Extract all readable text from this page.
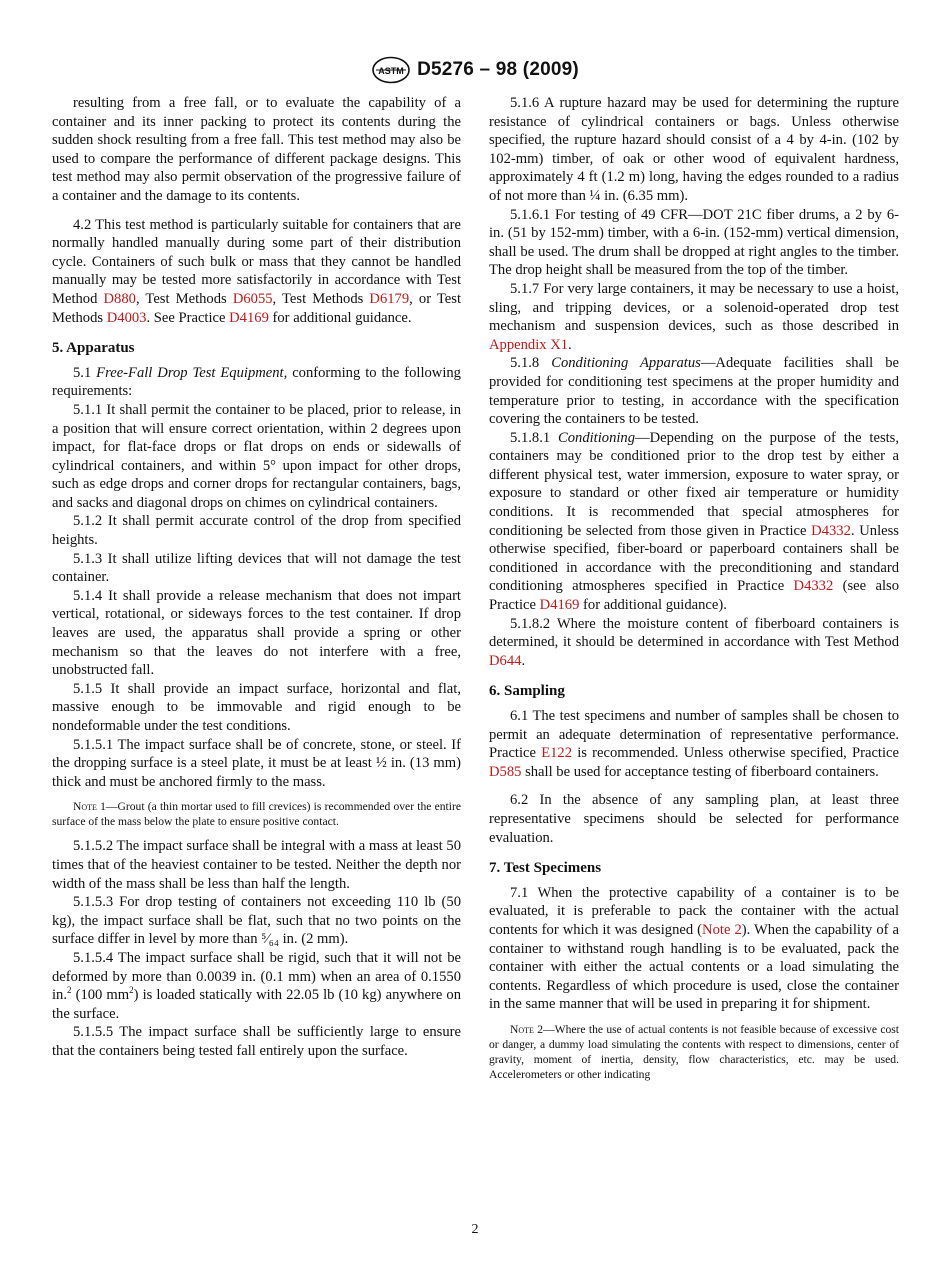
ASTM D5276 – 98 (2009)

resulting from a free fall, or to evaluate the capability of a container and its inner packing to protect its contents during the sudden shock resulting from a free fall. This test method may also be used to compare the performance of different package designs. This test method may also permit observation of the progressive failure of a container and the damage to its contents.

4.2 This test method is particularly suitable for containers that are normally handled manually during some part of their distribution cycle. Containers of such bulk or mass that they cannot be handled manually may be tested more satisfactorily in accordance with Test Method D880, Test Methods D6055, Test Methods D6179, or Test Methods D4003. See Practice D4169 for additional guidance.

5. Apparatus

5.1 Free-Fall Drop Test Equipment, conforming to the following requirements:

5.1.1 It shall permit the container to be placed, prior to release, in a position that will ensure correct orientation, within 2 degrees upon impact, for flat-face drops or flat drops on ends or sidewalls of cylindrical containers, and within 5° upon impact for other drops, such as edge drops and corner drops for rectangular containers, bags, and sacks and diagonal drops on chimes on cylindrical containers.

5.1.2 It shall permit accurate control of the drop from specified heights.

5.1.3 It shall utilize lifting devices that will not damage the test container.

5.1.4 It shall provide a release mechanism that does not impart vertical, rotational, or sideways forces to the test container. If drop leaves are used, the apparatus shall provide a spring or other mechanism so that the leaves do not interfere with a free, unobstructed fall.

5.1.5 It shall provide an impact surface, horizontal and flat, massive enough to be immovable and rigid enough to be nondeformable under the test conditions.

5.1.5.1 The impact surface shall be of concrete, stone, or steel. If the dropping surface is a steel plate, it must be at least ½ in. (13 mm) thick and must be anchored firmly to the mass.

Note 1—Grout (a thin mortar used to fill crevices) is recommended over the entire surface of the mass below the plate to ensure positive contact.

5.1.5.2 The impact surface shall be integral with a mass at least 50 times that of the heaviest container to be tested. Neither the depth nor width of the mass shall be less than half the length.

5.1.5.3 For drop testing of containers not exceeding 110 lb (50 kg), the impact surface shall be flat, such that no two points on the surface differ in level by more than ⁵⁄₆₄ in. (2 mm).

5.1.5.4 The impact surface shall be rigid, such that it will not be deformed by more than 0.0039 in. (0.1 mm) when an area of 0.1550 in.$^2$ (100 $mm^2$) is loaded statically with 22.05 lb (10 kg) anywhere on the surface.

5.1.5.5 The impact surface shall be sufficiently large to ensure that the containers being tested fall entirely upon the surface.

5.1.6 A rupture hazard may be used for determining the rupture resistance of cylindrical containers or bags. Unless otherwise specified, the rupture hazard should consist of a 4 by 4-in. (102 by 102-mm) timber, of oak or other wood of equivalent hardness, approximately 4 ft (1.2 m) long, having the edges rounded to a radius of not more than ¼ in. (6.35 mm).

5.1.6.1 For testing of 49 CFR—DOT 21C fiber drums, a 2 by 6-in. (51 by 152-mm) timber, with a 6-in. (152-mm) vertical dimension, shall be used. The drum shall be dropped at right angles to the timber. The drop height shall be measured from the top of the timber.

5.1.7 For very large containers, it may be necessary to use a hoist, sling, and tripping devices, or a solenoid-operated drop test mechanism and suspension devices, such as those described in Appendix X1.

5.1.8 Conditioning Apparatus—Adequate facilities shall be provided for conditioning test specimens at the proper humidity and temperature prior to testing, in accordance with the specification covering the containers to be tested.

5.1.8.1 Conditioning—Depending on the purpose of the tests, containers may be conditioned prior to the drop test by either a different physical test, water immersion, exposure to water spray, or exposure to standard or other fixed air temperature or humidity conditions. It is recommended that special atmospheres for conditioning be selected from those given in Practice D4332. Unless otherwise specified, fiber-board or paperboard containers shall be conditioned in accordance with the preconditioning and standard conditioning atmospheres specified in Practice D4332 (see also Practice D4169 for additional guidance).

5.1.8.2 Where the moisture content of fiberboard containers is determined, it should be determined in accordance with Test Method D644.

6. Sampling

6.1 The test specimens and number of samples shall be chosen to permit an adequate determination of representative performance. Practice E122 is recommended. Unless otherwise specified, Practice D585 shall be used for acceptance testing of fiberboard containers.

6.2 In the absence of any sampling plan, at least three representative specimens should be selected for performance evaluation.

7. Test Specimens

7.1 When the protective capability of a container is to be evaluated, it is preferable to pack the container with the actual contents for which it was designed (Note 2). When the capability of a container to withstand rough handling is to be evaluated, pack the container with either the actual contents or a load simulating the contents. Regardless of which procedure is used, close the container in the same manner that will be used in preparing it for shipment.

Note 2—Where the use of actual contents is not feasible because of excessive cost or danger, a dummy load simulating the contents with respect to dimensions, center of gravity, moment of inertia, density, flow characteristics, etc. may be used. Accelerometers or other indicating
2
